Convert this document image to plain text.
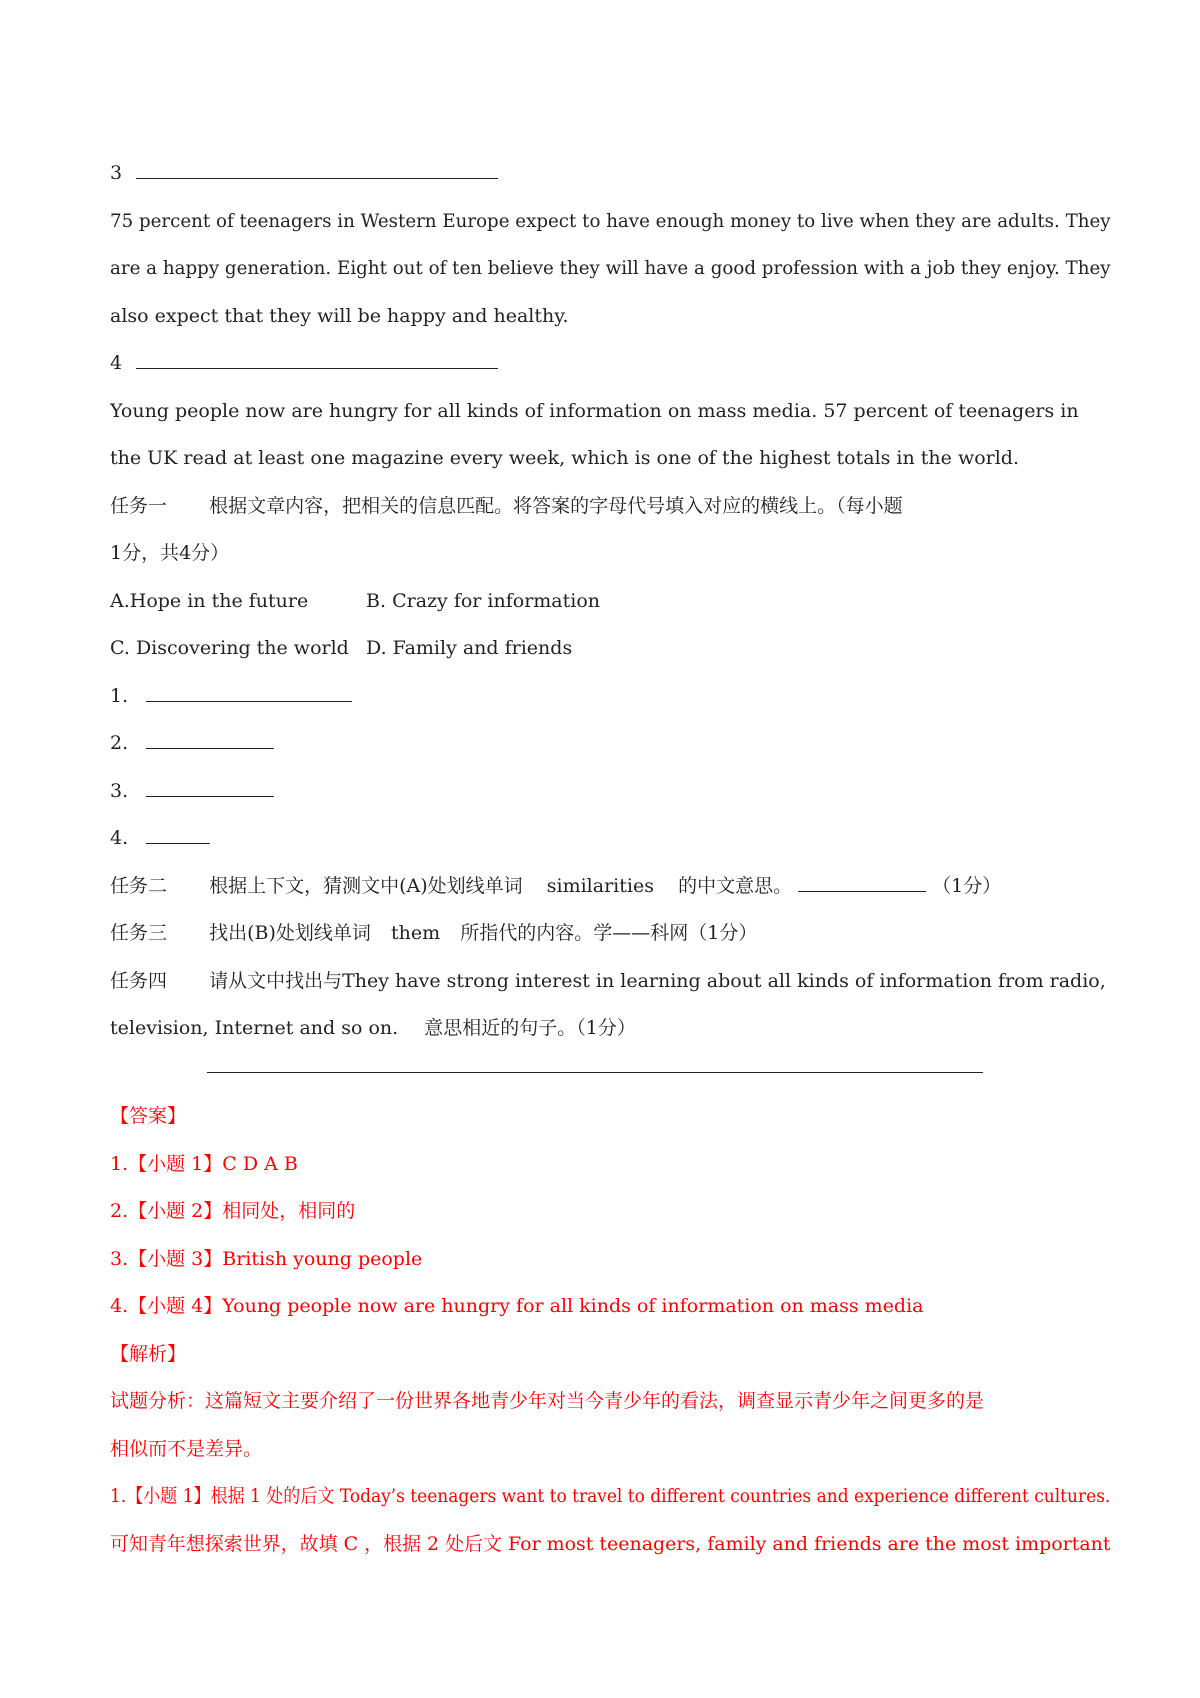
3
75 percent of teenagers in Western Europe expect to have enough money to live when they are adults. They
are a happy generation. Eight out of ten believe they will have a good profession with a job they enjoy. They
also expect that they will be happy and healthy.
4
Young people now are hungry for all kinds of information on mass media. 57 percent of teenagers in
the UK read at least one magazine every week, which is one of the highest totals in the world.
任务一 根据文章内容，把相关的信息匹配。将答案的字母代号填入对应的横线上。（每小题
1分，共4分）
A.Hope in the future	B. Crazy for information
C. Discovering the world D. Family and friends
1.
2.
3.
4.
任务二 根据上下文，猜测文中(A)处划线单词 similarities 的中文意思。	（1分）
任务三 找出(B)处划线单词 them 所指代的内容。学——科网（1分）
任务四 请从文中找出与They have strong interest in learning about all kinds of information from radio,
television, Internet and so on. 意思相近的句子。（1分）
【答案】
1.【小题 1】C D A B
2.【小题 2】相同处，相同的
3.【小题 3】British young people
4.【小题 4】Young people now are hungry for all kinds of information on mass media
【解析】
试题分析：这篇短文主要介绍了一份世界各地青少年对当今青少年的看法，调查显示青少年之间更多的是
相似而不是差异。
1.【小题 1】根据 1 处的后文 Today’s teenagers want to travel to different countries and experience different cultures.
可知青年想探索世界，故填 C ，根据 2 处后文 For most teenagers, family and friends are the most important
